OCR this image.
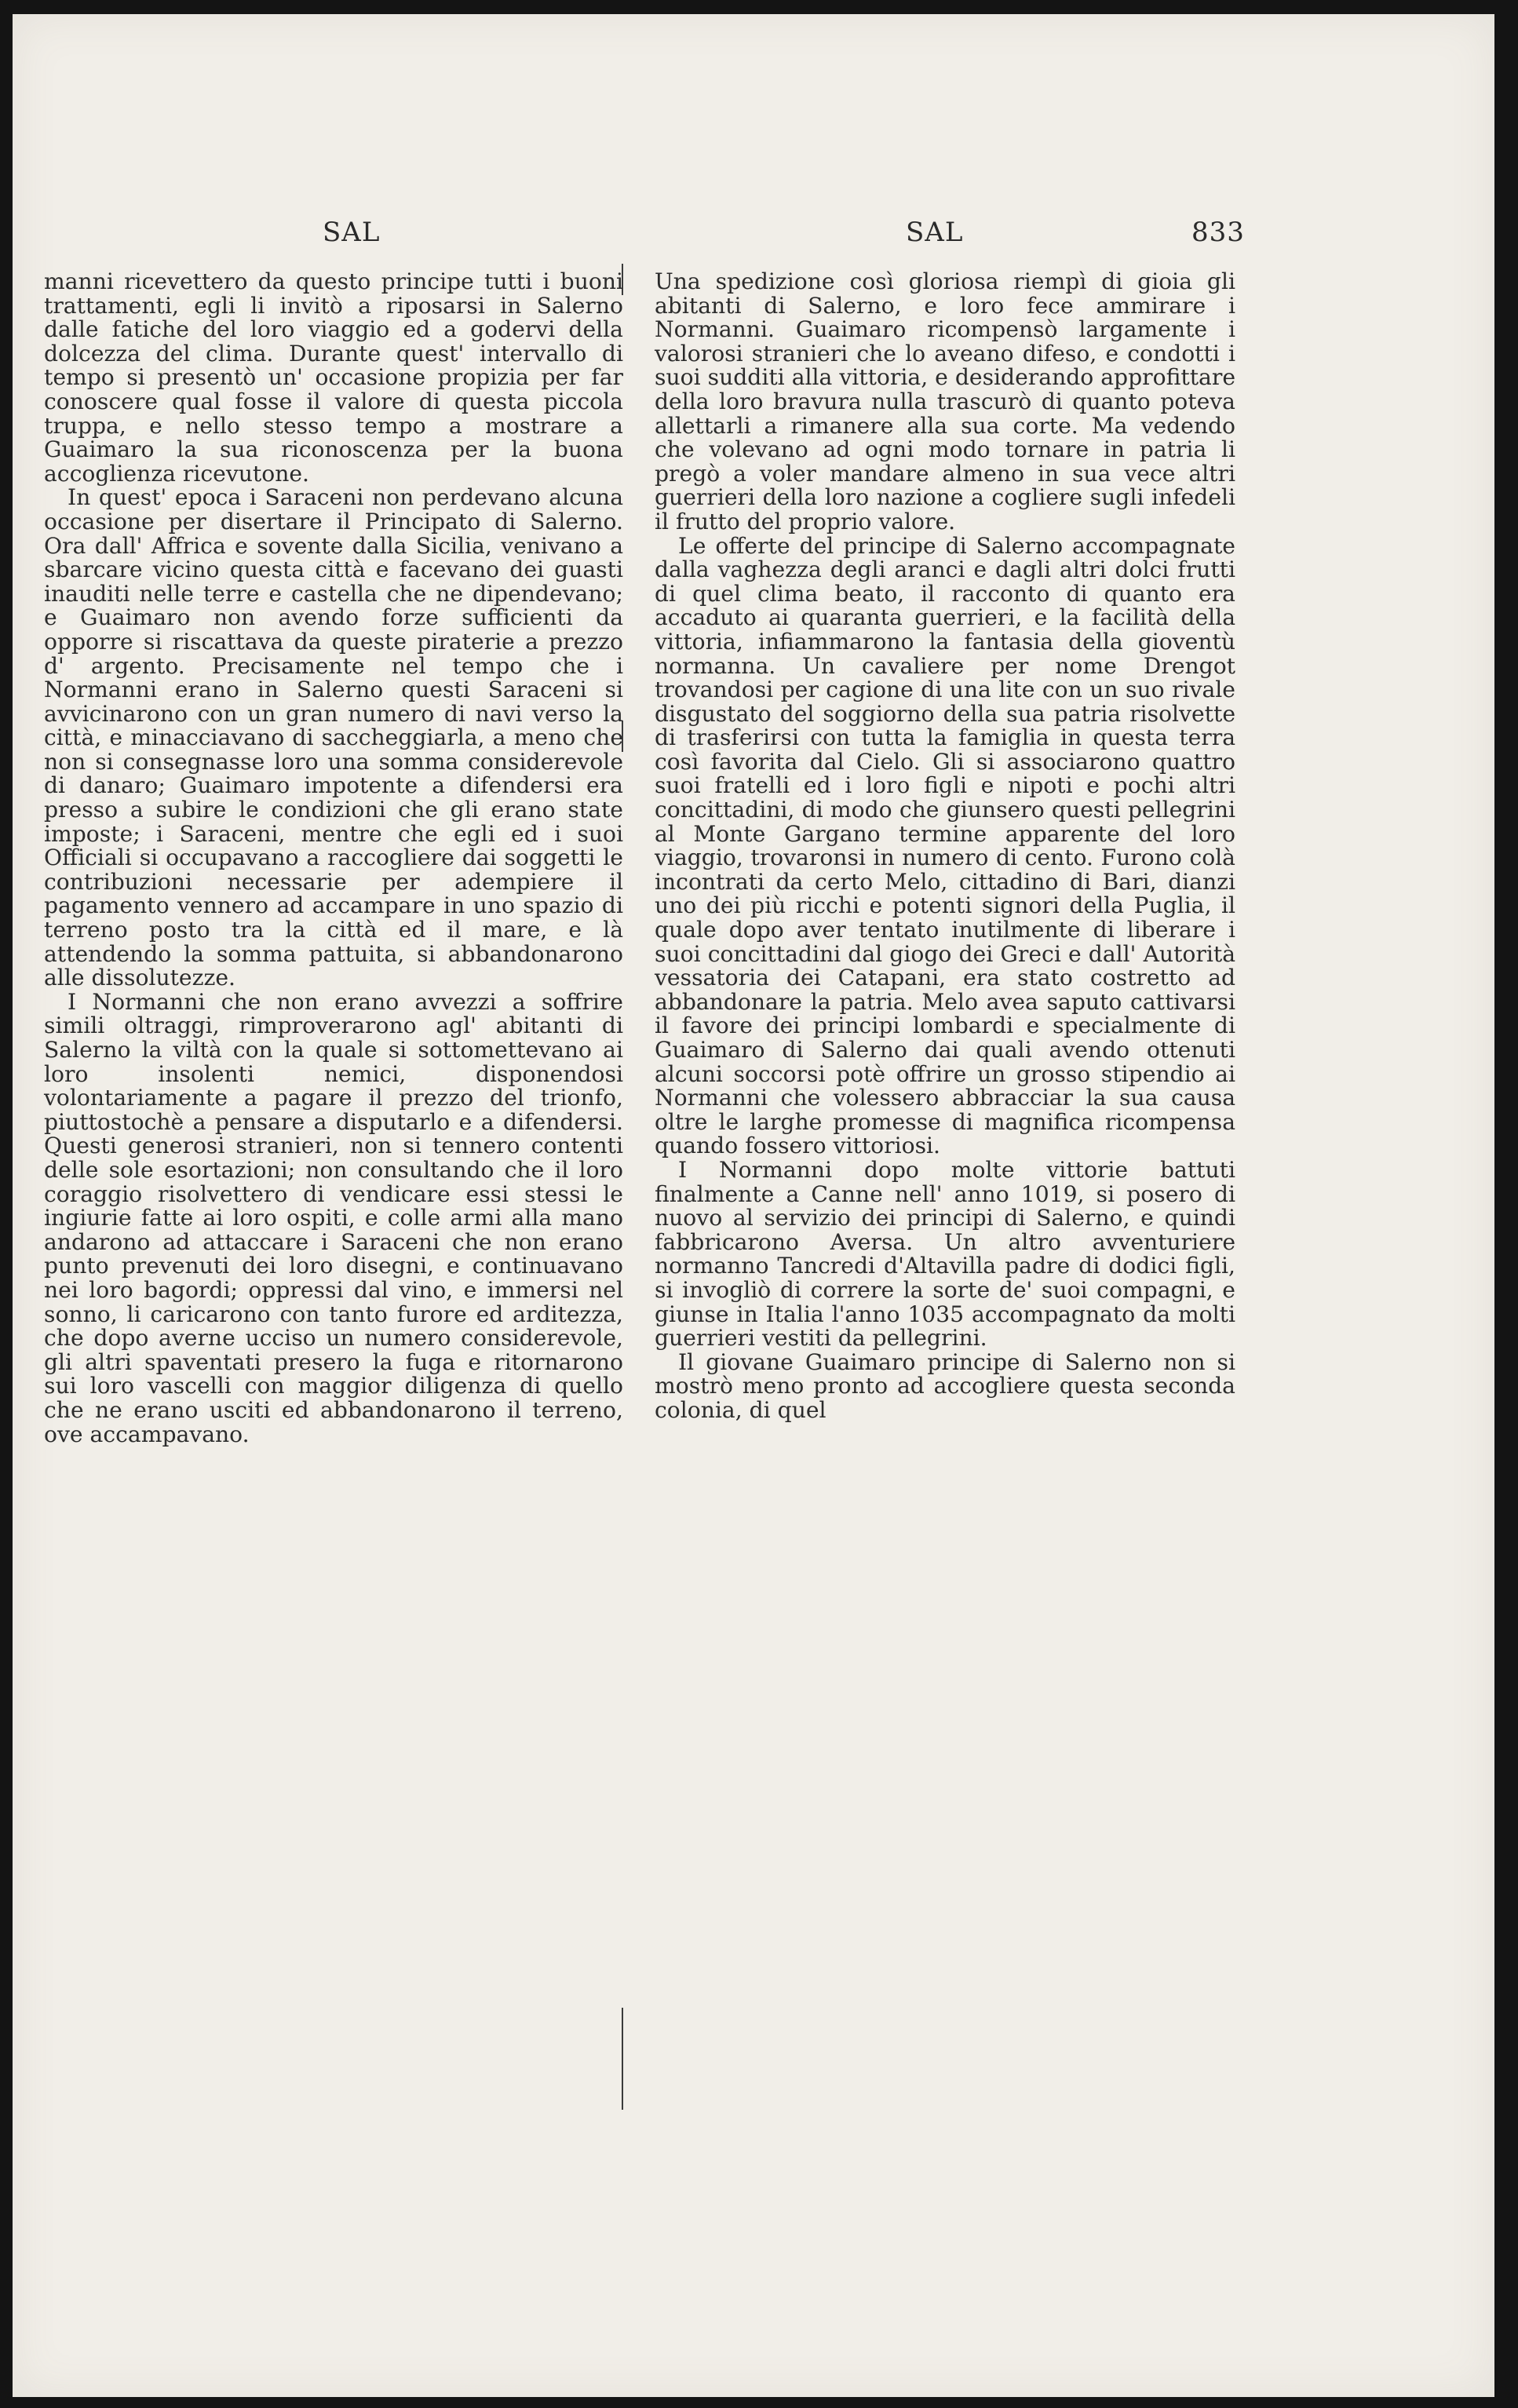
SAL	SAL	833

manni ricevettero da questo principe tutti i buoni trattamenti, egli li invitò a riposarsi in Salerno dalle fatiche del loro viaggio ed a godervi della dolcezza del clima. Durante quest' intervallo di tempo si presentò un' occasione propizia per far conoscere qual fosse il valore di questa piccola truppa, e nello stesso tempo a mostrare a Guaimaro la sua riconoscenza per la buona accoglienza ricevutone.

In quest' epoca i Saraceni non perdevano alcuna occasione per disertare il Principato di Salerno. Ora dall' Affrica e sovente dalla Sicilia, venivano a sbarcare vicino questa città e facevano dei guasti inauditi nelle terre e castella che ne dipendevano; e Guaimaro non avendo forze sufficienti da opporre si riscattava da queste piraterie a prezzo d' argento. Precisamente nel tempo che i Normanni erano in Salerno questi Saraceni si avvicinarono con un gran numero di navi verso la città, e minacciavano di saccheggiarla, a meno che non si consegnasse loro una somma considerevole di danaro; Guaimaro impotente a difendersi era presso a subire le condizioni che gli erano state imposte; i Saraceni, mentre che egli ed i suoi Officiali si occupavano a raccogliere dai soggetti le contribuzioni necessarie per adempiere il pagamento vennero ad accampare in uno spazio di terreno posto tra la città ed il mare, e là attendendo la somma pattuita, si abbandonarono alle dissolutezze.

I Normanni che non erano avvezzi a soffrire simili oltraggi, rimproverarono agl' abitanti di Salerno la viltà con la quale si sottomettevano ai loro insolenti nemici, disponendosi volontariamente a pagare il prezzo del trionfo, piuttostochè a pensare a disputarlo e a difendersi. Questi generosi stranieri, non si tennero contenti delle sole esortazioni; non consultando che il loro coraggio risolvettero di vendicare essi stessi le ingiurie fatte ai loro ospiti, e colle armi alla mano andarono ad attaccare i Saraceni che non erano punto prevenuti dei loro disegni, e continuavano nei loro bagordi; oppressi dal vino, e immersi nel sonno, li caricarono con tanto furore ed arditezza, che dopo averne ucciso un numero considerevole, gli altri spaventati presero la fuga e ritornarono sui loro vascelli con maggior diligenza di quello che ne erano usciti ed abbandonarono il terreno, ove accampavano.

Una spedizione così gloriosa riempì di gioia gli abitanti di Salerno, e loro fece ammirare i Normanni. Guaimaro ricompensò largamente i valorosi stranieri che lo aveano difeso, e condotti i suoi sudditi alla vittoria, e desiderando approfittare della loro bravura nulla trascurò di quanto poteva allettarli a rimanere alla sua corte. Ma vedendo che volevano ad ogni modo tornare in patria li pregò a voler mandare almeno in sua vece altri guerrieri della loro nazione a cogliere sugli infedeli il frutto del proprio valore.

Le offerte del principe di Salerno accompagnate dalla vaghezza degli aranci e dagli altri dolci frutti di quel clima beato, il racconto di quanto era accaduto ai quaranta guerrieri, e la facilità della vittoria, infiammarono la fantasia della gioventù normanna. Un cavaliere per nome Drengot trovandosi per cagione di una lite con un suo rivale disgustato del soggiorno della sua patria risolvette di trasferirsi con tutta la famiglia in questa terra così favorita dal Cielo. Gli si associarono quattro suoi fratelli ed i loro figli e nipoti e pochi altri concittadini, di modo che giunsero questi pellegrini al Monte Gargano termine apparente del loro viaggio, trovaronsi in numero di cento. Furono colà incontrati da certo Melo, cittadino di Bari, dianzi uno dei più ricchi e potenti signori della Puglia, il quale dopo aver tentato inutilmente di liberare i suoi concittadini dal giogo dei Greci e dall' Autorità vessatoria dei Catapani, era stato costretto ad abbandonare la patria. Melo avea saputo cattivarsi il favore dei principi lombardi e specialmente di Guaimaro di Salerno dai quali avendo ottenuti alcuni soccorsi potè offrire un grosso stipendio ai Normanni che volessero abbracciar la sua causa oltre le larghe promesse di magnifica ricompensa quando fossero vittoriosi.

I Normanni dopo molte vittorie battuti finalmente a Canne nell' anno 1019, si posero di nuovo al servizio dei principi di Salerno, e quindi fabbricarono Aversa. Un altro avventuriere normanno Tancredi d'Altavilla padre di dodici figli, si invogliò di correre la sorte de' suoi compagni, e giunse in Italia l'anno 1035 accompagnato da molti guerrieri vestiti da pellegrini.

Il giovane Guaimaro principe di Salerno non si mostrò meno pronto ad accogliere questa seconda colonia, di quel
